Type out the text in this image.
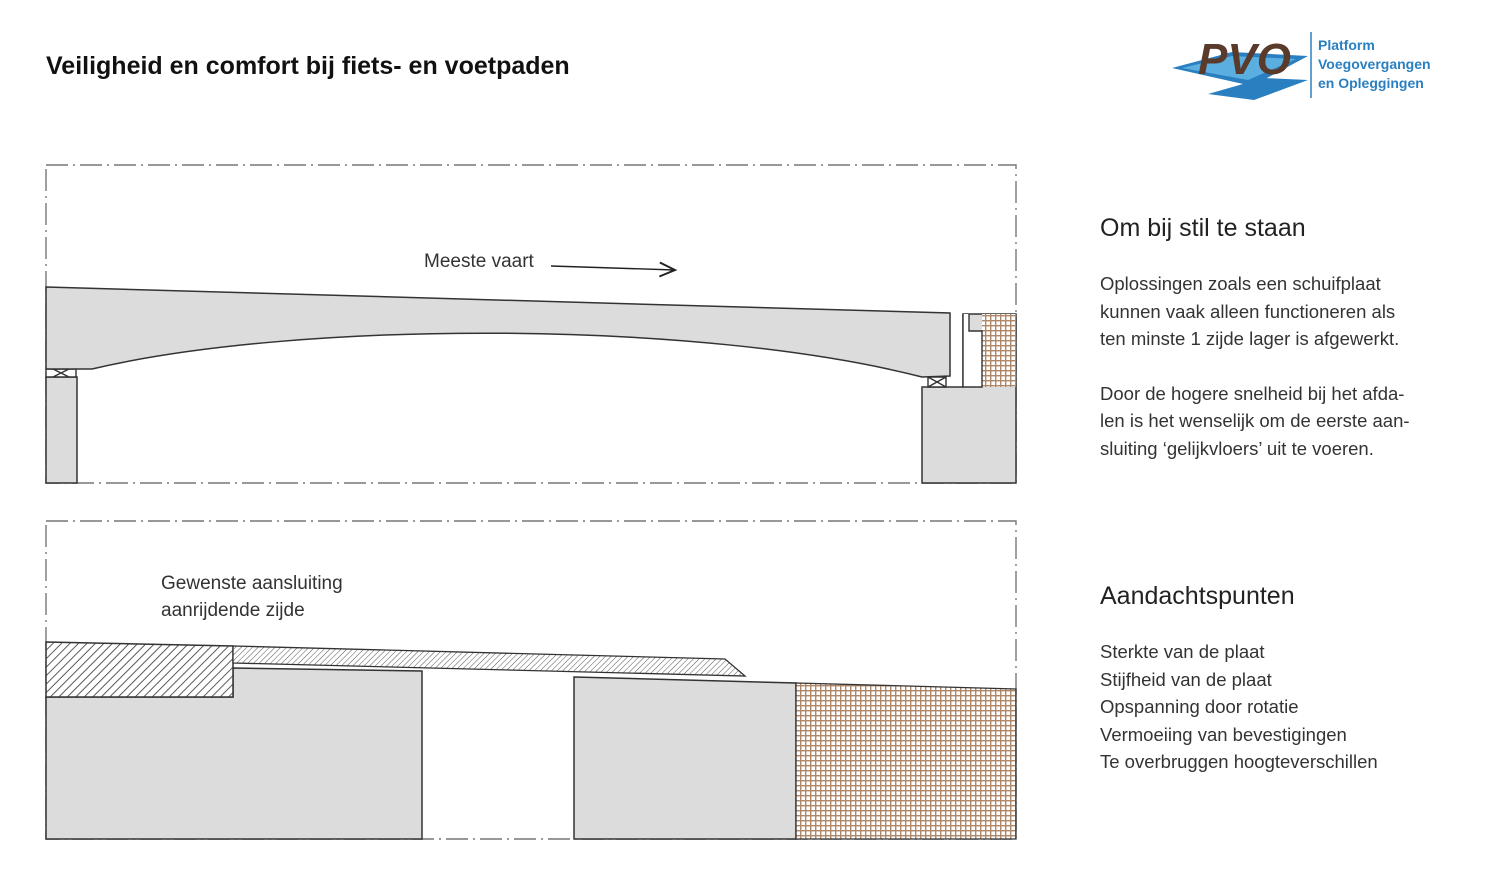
Veiligheid en comfort bij fiets- en voetpaden	PVO Platform
Voegovergangen
en Opleggingen
Meeste vaart
Gewenste aansluiting
aanrijdende zijde
Om bij stil te staan

Oplossingen zoals een schuifplaat
kunnen vaak alleen functioneren als
ten minste 1 zijde lager is afgewerkt.

Door de hogere snelheid bij het afda-
len is het wenselijk om de eerste aan-
sluiting ‘gelijkvloers’ uit te voeren.

Aandachtspunten
Sterkte van de plaat
Stijfheid van de plaat
Opspanning door rotatie
Vermoeiing van bevestigingen
Te overbruggen hoogteverschillen
